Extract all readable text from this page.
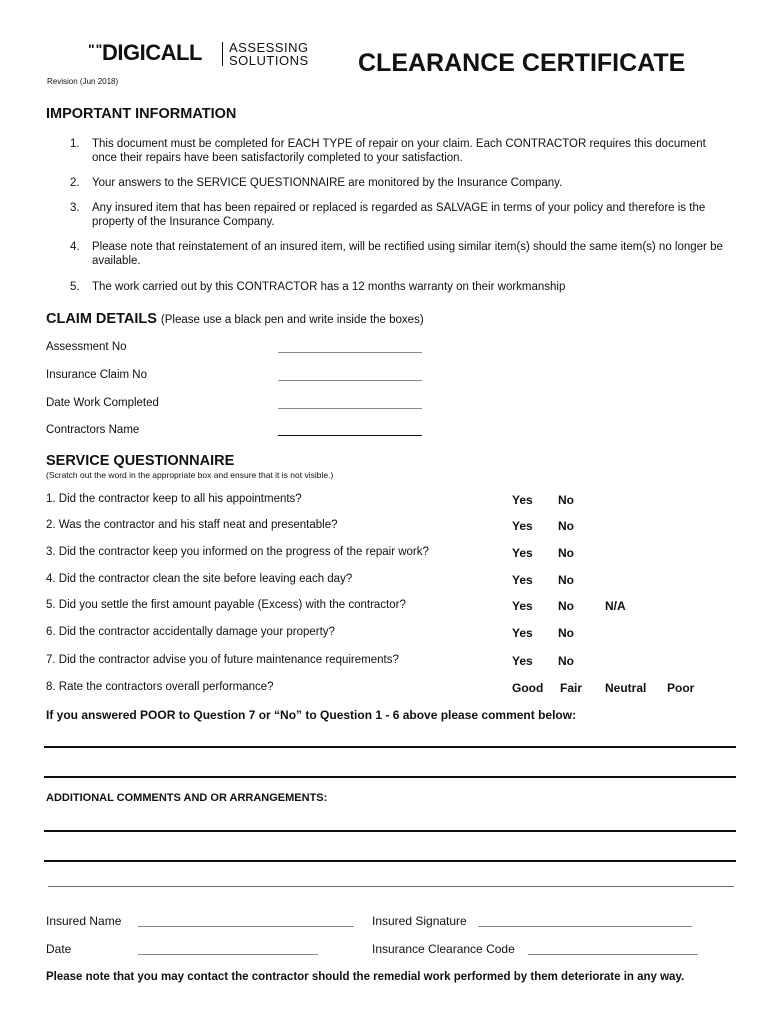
""
DIGICALL ASSESSING
SOLUTIONS CLEARANCE CERTIFICATE
Revision (Jun 2018)
IMPORTANT INFORMATION
1. This document must be completed for EACH TYPE of repair on your claim. Each CONTRACTOR requires this document once their repairs have been satisfactorily completed to your satisfaction.
2. Your answers to the SERVICE QUESTIONNAIRE are monitored by the Insurance Company.
3. Any insured item that has been repaired or replaced is regarded as SALVAGE in terms of your policy and therefore is the property of the Insurance Company.
4. Please note that reinstatement of an insured item, will be rectified using similar item(s) should the same item(s) no longer be available.
5. The work carried out by this CONTRACTOR has a 12 months warranty on their workmanship
CLAIM DETAILS (Please use a black pen and write inside the boxes)
Assessment No
Insurance Claim No
Date Work Completed
Contractors Name
SERVICE QUESTIONNAIRE
(Scratch out the word in the appropriate box and ensure that it is not visible.)
1. Did the contractor keep to all his appointments?	Yes No
2. Was the contractor and his staff neat and presentable?	Yes No
3. Did the contractor keep you informed on the progress of the repair work?	Yes No
4. Did the contractor clean the site before leaving each day?	Yes No
5. Did you settle the first amount payable (Excess) with the contractor?	Yes No	N/A
6. Did the contractor accidentally damage your property?	Yes No
7. Did the contractor advise you of future maintenance requirements?	Yes No
8. Rate the contractors overall performance?	Good Fair Neutral Poor
If you answered POOR to Question 7 or “No” to Question 1 - 6 above please comment below:
ADDITIONAL COMMENTS AND OR ARRANGEMENTS:
Insured Name	Insured Signature
Date	Insurance Clearance Code
Please note that you may contact the contractor should the remedial work performed by them deteriorate in any way.
